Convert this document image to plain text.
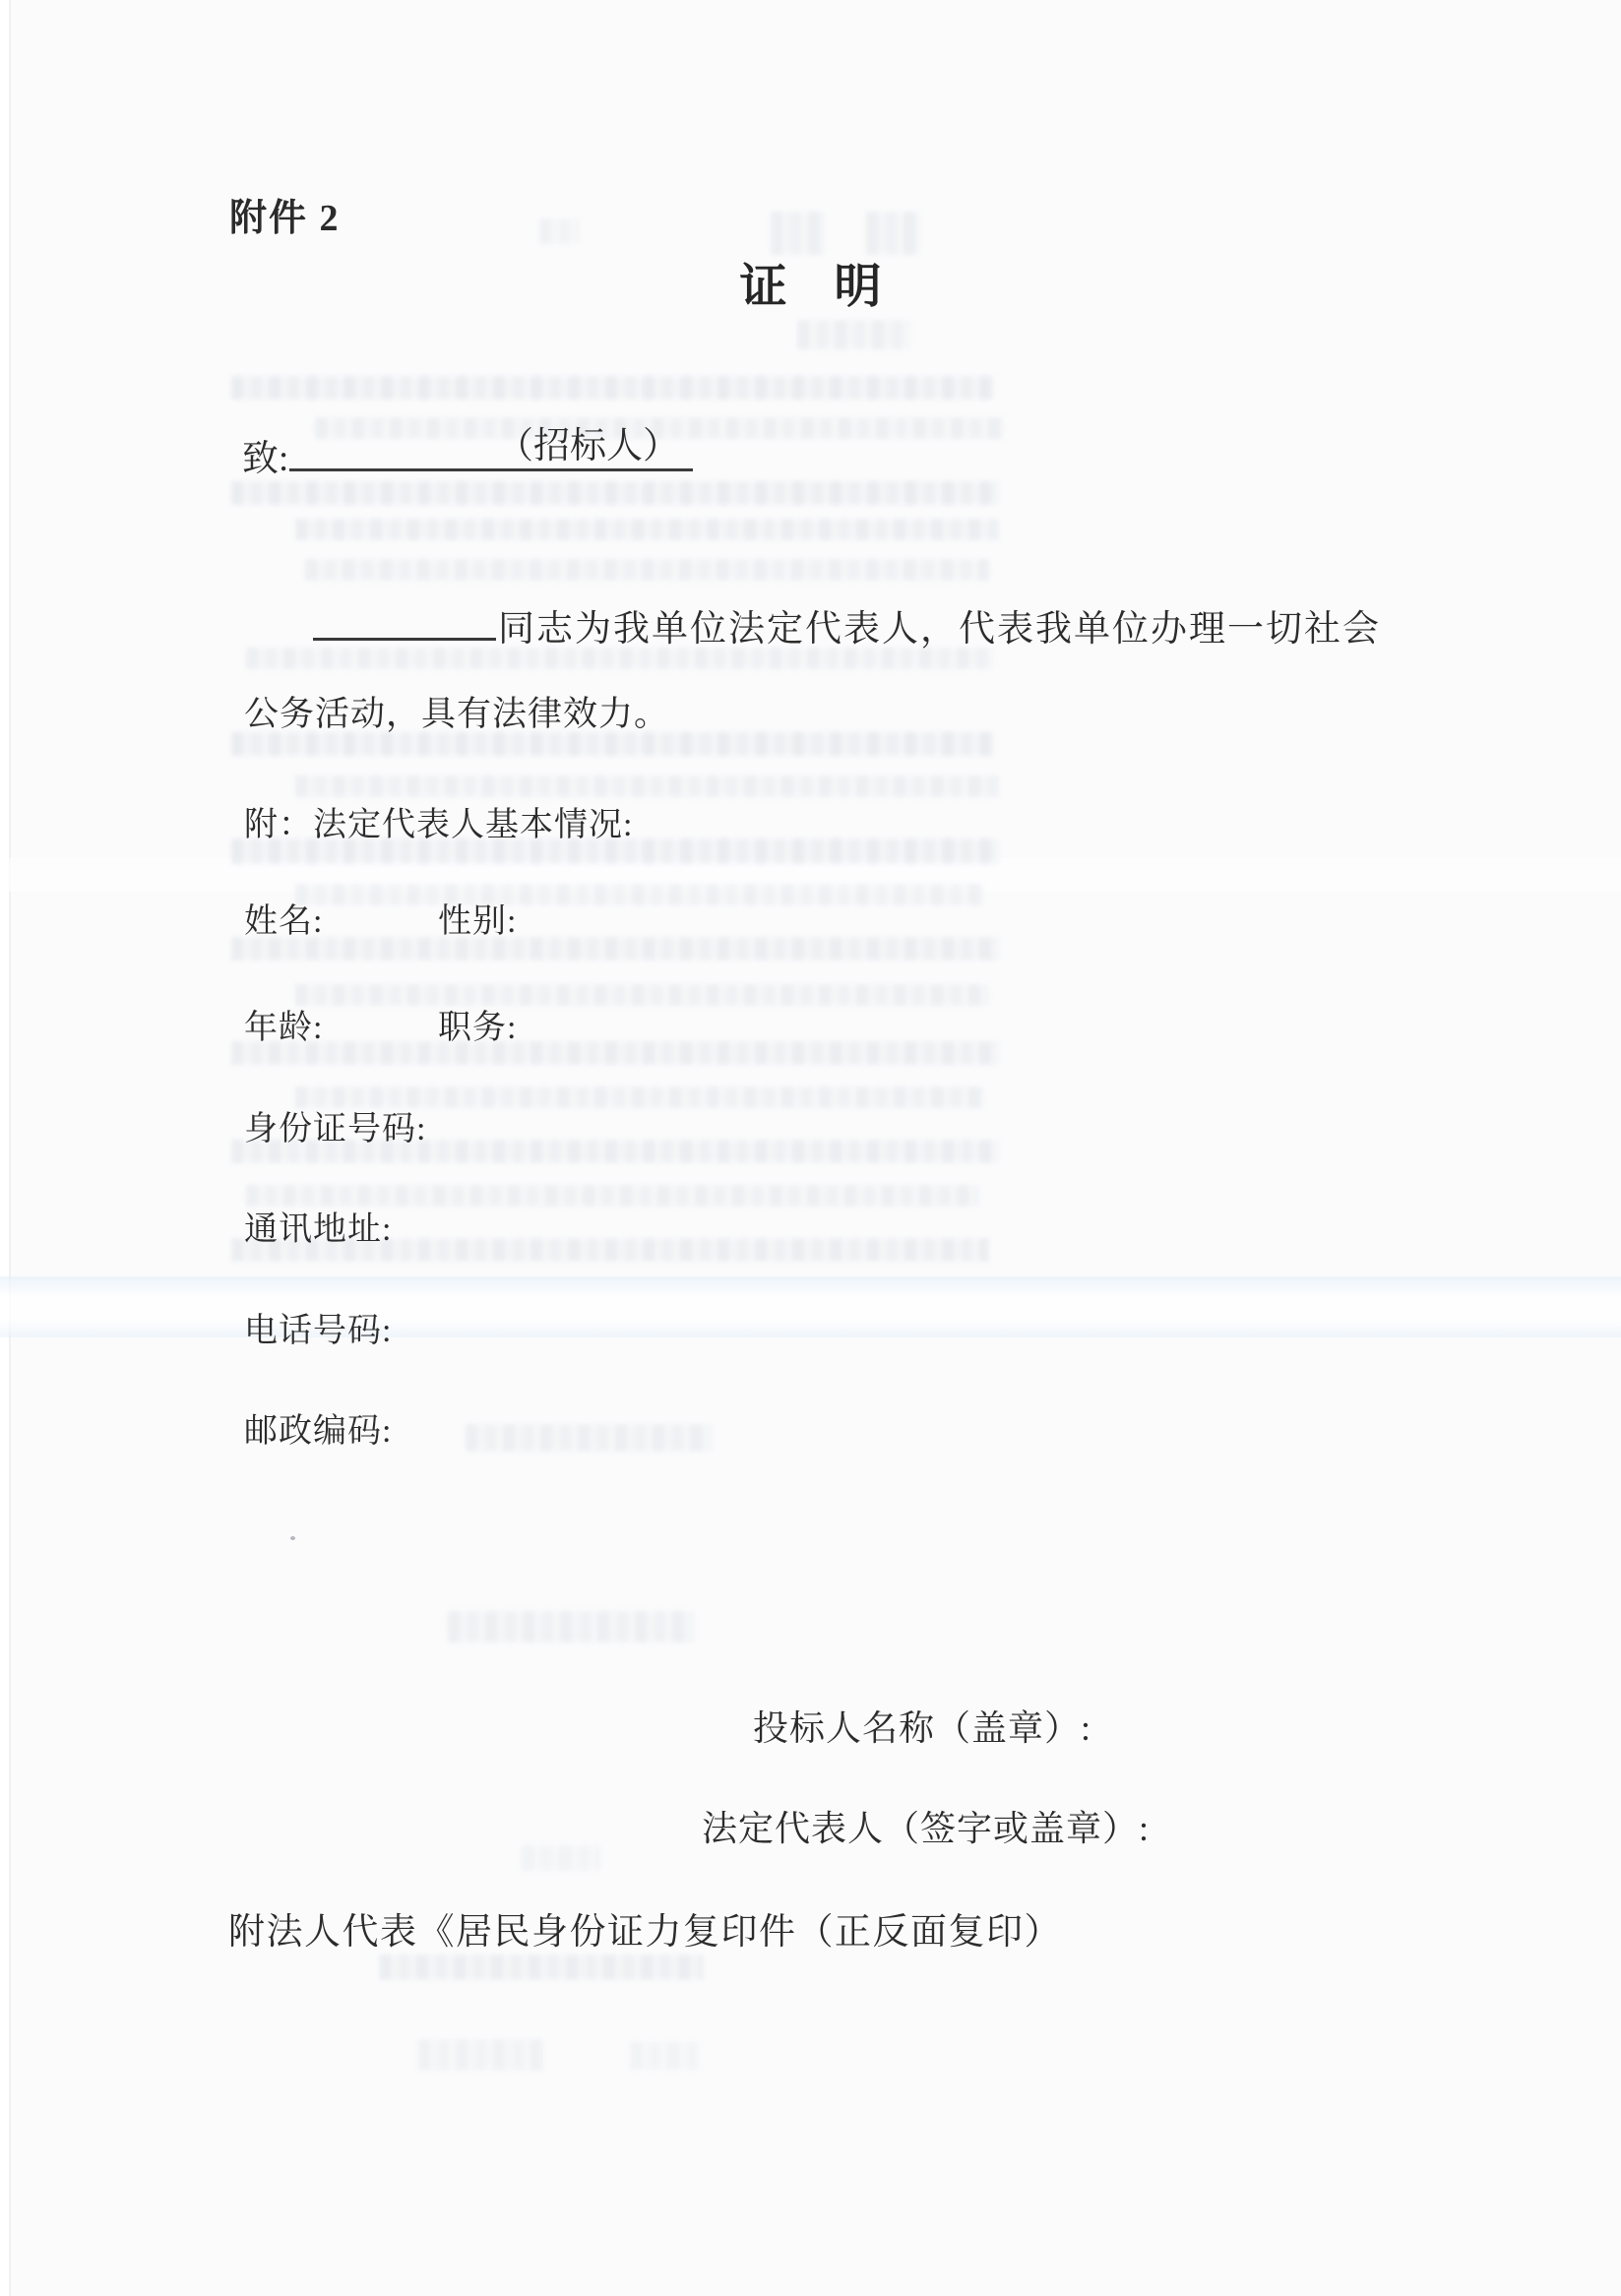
附件 2
证　明
致:	（招标人）
同志为我单位法定代表人，代表我单位办理一切社会
公务活动，具有法律效力。
附：法定代表人基本情况:
姓名:	性别:
年龄:	职务:
身份证号码:
通讯地址:
电话号码:
邮政编码:
投标人名称（盖章）:
法定代表人（签字或盖章）:
附法人代表《居民身份证力复印件（正反面复印）
